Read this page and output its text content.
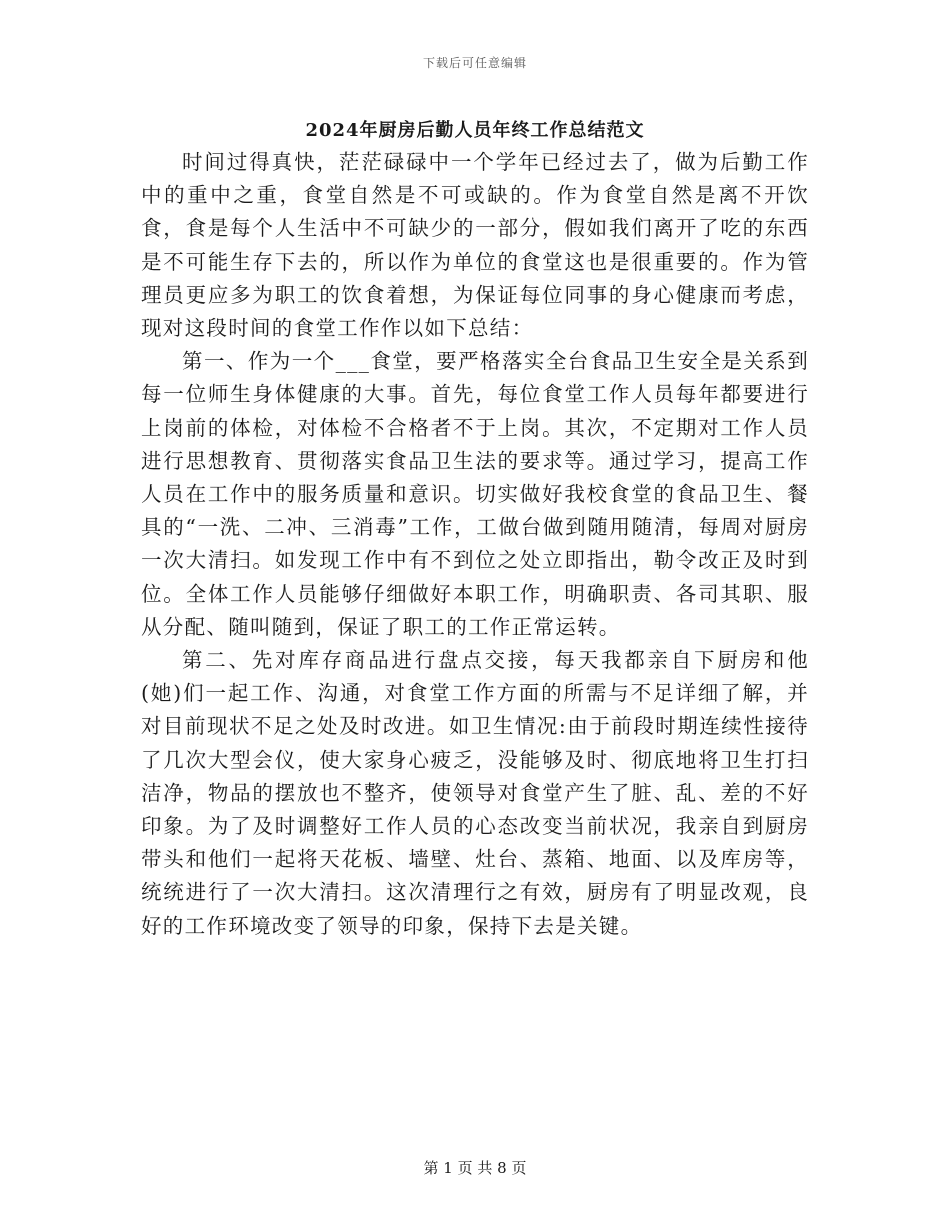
下载后可任意编辑
2024年厨房后勤人员年终工作总结范文

时间过得真快，茫茫碌碌中一个学年已经过去了，做为后勤工作中的重中之重，食堂自然是不可或缺的。作为食堂自然是离不开饮食，食是每个人生活中不可缺少的一部分，假如我们离开了吃的东西是不可能生存下去的，所以作为单位的食堂这也是很重要的。作为管理员更应多为职工的饮食着想，为保证每位同事的身心健康而考虑，现对这段时间的食堂工作作以如下总结：

第一、作为一个___食堂，要严格落实全台食品卫生安全是关系到每一位师生身体健康的大事。首先，每位食堂工作人员每年都要进行上岗前的体检，对体检不合格者不于上岗。其次，不定期对工作人员进行思想教育、贯彻落实食品卫生法的要求等。通过学习，提高工作人员在工作中的服务质量和意识。切实做好我校食堂的食品卫生、餐具的“一洗、二冲、三消毒”工作，工做台做到随用随清，每周对厨房一次大清扫。如发现工作中有不到位之处立即指出，勒令改正及时到位。全体工作人员能够仔细做好本职工作，明确职责、各司其职、服从分配、随叫随到，保证了职工的工作正常运转。

第二、先对库存商品进行盘点交接，每天我都亲自下厨房和他(她)们一起工作、沟通，对食堂工作方面的所需与不足详细了解，并对目前现状不足之处及时改进。如卫生情况:由于前段时期连续性接待了几次大型会仪，使大家身心疲乏，没能够及时、彻底地将卫生打扫洁净，物品的摆放也不整齐，使领导对食堂产生了脏、乱、差的不好印象。为了及时调整好工作人员的心态改变当前状况，我亲自到厨房带头和他们一起将天花板、墙壁、灶台、蒸箱、地面、以及库房等，统统进行了一次大清扫。这次清理行之有效，厨房有了明显改观，良好的工作环境改变了领导的印象，保持下去是关键。

第 1 页 共 8 页
